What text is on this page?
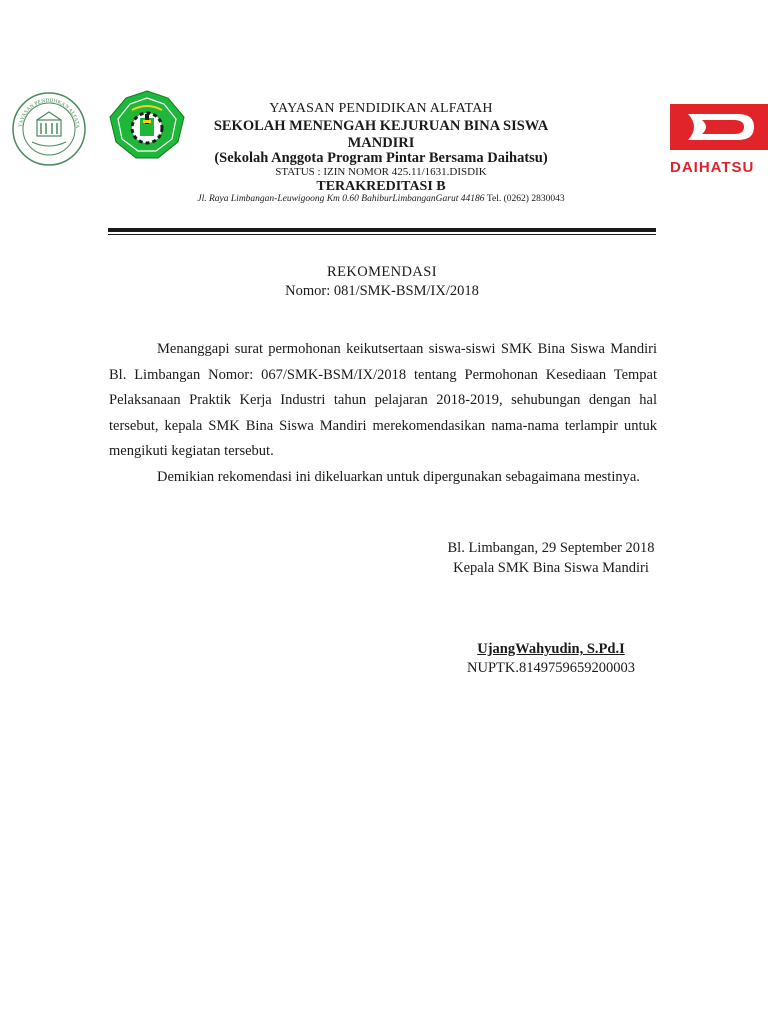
YAYASAN PENDIDIKAN ALFATA
DAIHATSU
YAYASAN PENDIDIKAN ALFATAH
SEKOLAH MENENGAH KEJURUAN BINA SISWA MANDIRI
(Sekolah Anggota Program Pintar Bersama Daihatsu)
STATUS : IZIN NOMOR 425.11/1631.DISDIK
TERAKREDITASI B
Jl. Raya Limbangan-Leuwigoong Km 0.60 BahiburLimbanganGarut 44186 Tel. (0262) 2830043
REKOMENDASI
Nomor: 081/SMK-BSM/IX/2018

Menanggapi surat permohonan keikutsertaan siswa-siswi SMK Bina Siswa Mandiri Bl. Limbangan Nomor: 067/SMK-BSM/IX/2018 tentang Permohonan Kesediaan Tempat Pelaksanaan Praktik Kerja Industri tahun pelajaran 2018-2019, sehubungan dengan hal tersebut, kepala SMK Bina Siswa Mandiri merekomendasikan nama-nama terlampir untuk mengikuti kegiatan tersebut.

Demikian rekomendasi ini dikeluarkan untuk dipergunakan sebagaimana mestinya.

Bl. Limbangan, 29 September 2018
Kepala SMK Bina Siswa Mandiri
UjangWahyudin, S.Pd.I
NUPTK.8149759659200003
